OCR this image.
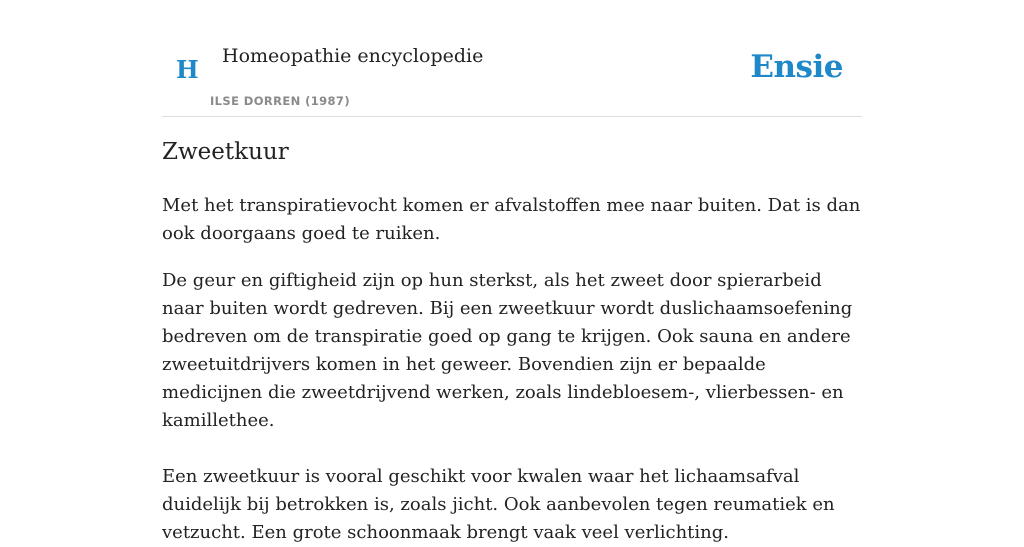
H Homeopathie encyclopedie
ILSE DORREN (1987)
Ensie
Zweetkuur

Met het transpiratievocht komen er afvalstoffen mee naar buiten. Dat is dan ook doorgaans goed te ruiken.

De geur en giftigheid zijn op hun sterkst, als het zweet door spierarbeid naar buiten wordt gedreven. Bij een zweetkuur wordt duslichaamsoefening bedreven om de transpiratie goed op gang te krijgen. Ook sauna en andere zweetuitdrijvers komen in het geweer. Bovendien zijn er bepaalde medicijnen die zweetdrijvend werken, zoals lindebloesem-, vlierbessen- en kamillethee.

Een zweetkuur is vooral geschikt voor kwalen waar het lichaamsafval duidelijk bij betrokken is, zoals jicht. Ook aanbevolen tegen reumatiek en vetzucht. Een grote schoonmaak brengt vaak veel verlichting.
